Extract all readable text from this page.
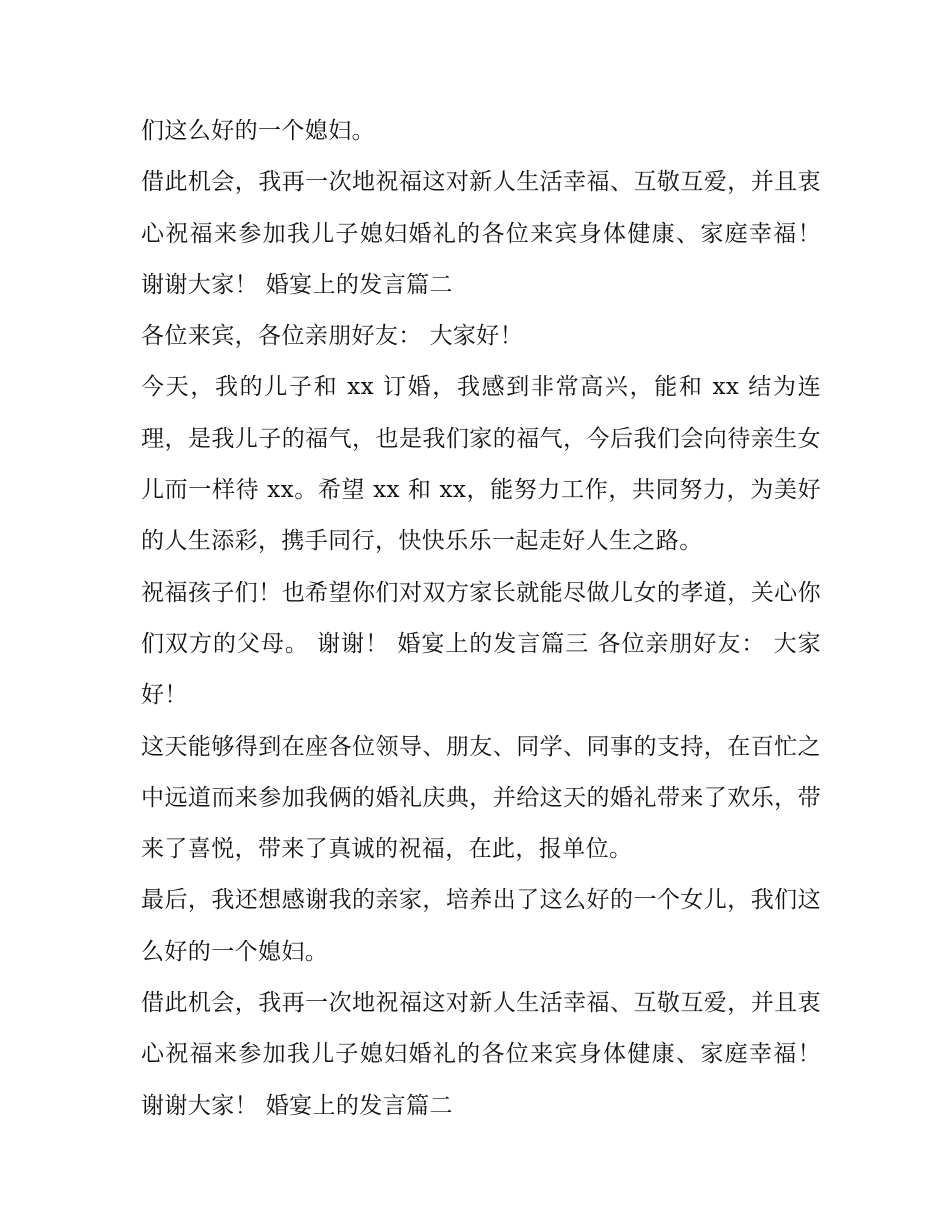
们这么好的一个媳妇。

借此机会，我再一次地祝福这对新人生活幸福、互敬互爱，并且衷心祝福来参加我儿子媳妇婚礼的各位来宾身体健康、家庭幸福！ 谢谢大家！ 婚宴上的发言篇二

各位来宾，各位亲朋好友： 大家好！

今天，我的儿子和 xx 订婚，我感到非常高兴，能和 xx 结为连理，是我儿子的福气，也是我们家的福气，今后我们会向待亲生女儿而一样待 xx。希望 xx 和 xx，能努力工作，共同努力，为美好的人生添彩，携手同行，快快乐乐一起走好人生之路。

祝福孩子们！也希望你们对双方家长就能尽做儿女的孝道，关心你们双方的父母。 谢谢！ 婚宴上的发言篇三 各位亲朋好友： 大家好！

这天能够得到在座各位领导、朋友、同学、同事的支持，在百忙之中远道而来参加我俩的婚礼庆典，并给这天的婚礼带来了欢乐，带来了喜悦，带来了真诚的祝福，在此，报单位。

最后，我还想感谢我的亲家，培养出了这么好的一个女儿，我们这么好的一个媳妇。

借此机会，我再一次地祝福这对新人生活幸福、互敬互爱，并且衷心祝福来参加我儿子媳妇婚礼的各位来宾身体健康、家庭幸福！ 谢谢大家！ 婚宴上的发言篇二
